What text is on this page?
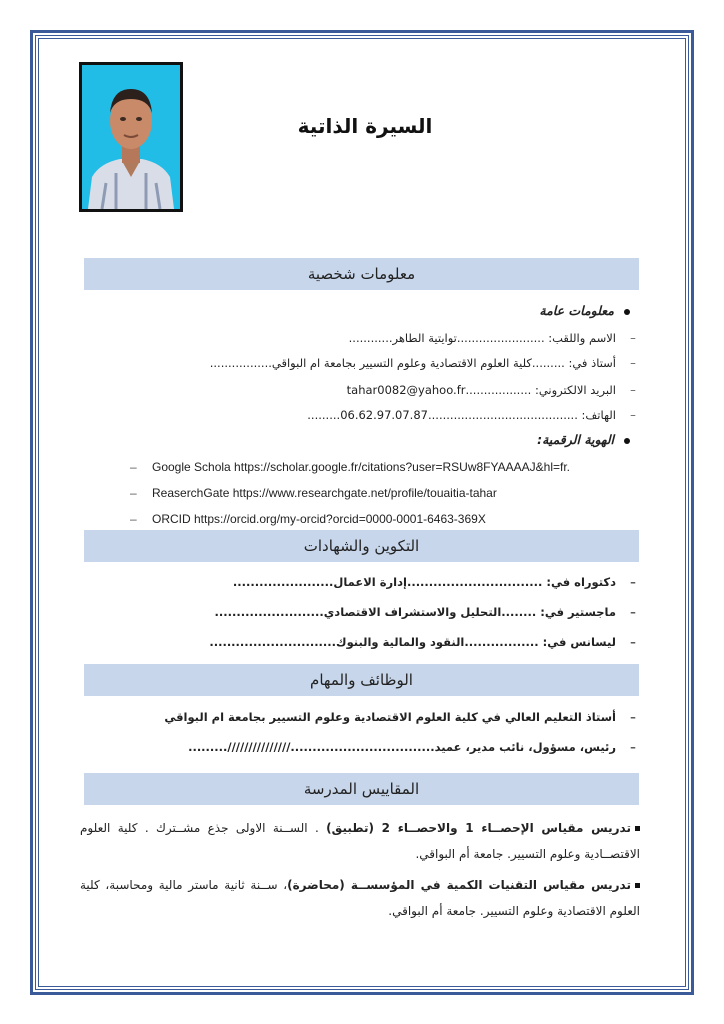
السيرة الذاتية
معلومات شخصية
معلومات عامة
–الاسم واللقب: ........................توايتية الطاهر............
–أستاذ في: .........كلية العلوم الاقتصادية وعلوم التسيير بجامعة ام البواقي.................
–البريد الالكتروني: ..................tahar0082@yahoo.fr
–الهاتف: .........................................06.62.97.07.87.........
الهوية الرقمية:
– Google Schola https://scholar.google.fr/citations?user=RSUw8FYAAAAJ&hl=fr.
– ReaserchGate https://www.researchgate.net/profile/touaitia-tahar
– ORCID https://orcid.org/my-orcid?orcid=0000-0001-6463-369X
التكوين والشهادات
–دكتوراه في: ...............................إدارة الاعمال.......................
–ماجستير في: ........التحليل والاستشراف الاقتصادي.........................
–ليسانس في: .................النقود والمالية والبنوك.............................
الوظائف والمهام
–أستاذ التعليم العالي في كلية العلوم الاقتصادية وعلوم التسيير بجامعة ام البواقي
–رئيس، مسؤول، نائب مدير، عميد.................................///////////////.........
المقاييس المدرسة
تدريس مقياس الإحصــاء 1 والاحصــاء 2 (تطبيق) . الســنة الاولى جذع مشــترك . كلية العلوم الاقتصــادية وعلوم التسيير. جامعة أم البواقي.
تدريس مقياس التقنيات الكمية في المؤسســة (محاضرة)، ســنة ثانية ماستر مالية ومحاسبة، كلية العلوم الاقتصادية وعلوم التسيير. جامعة أم البواقي.
